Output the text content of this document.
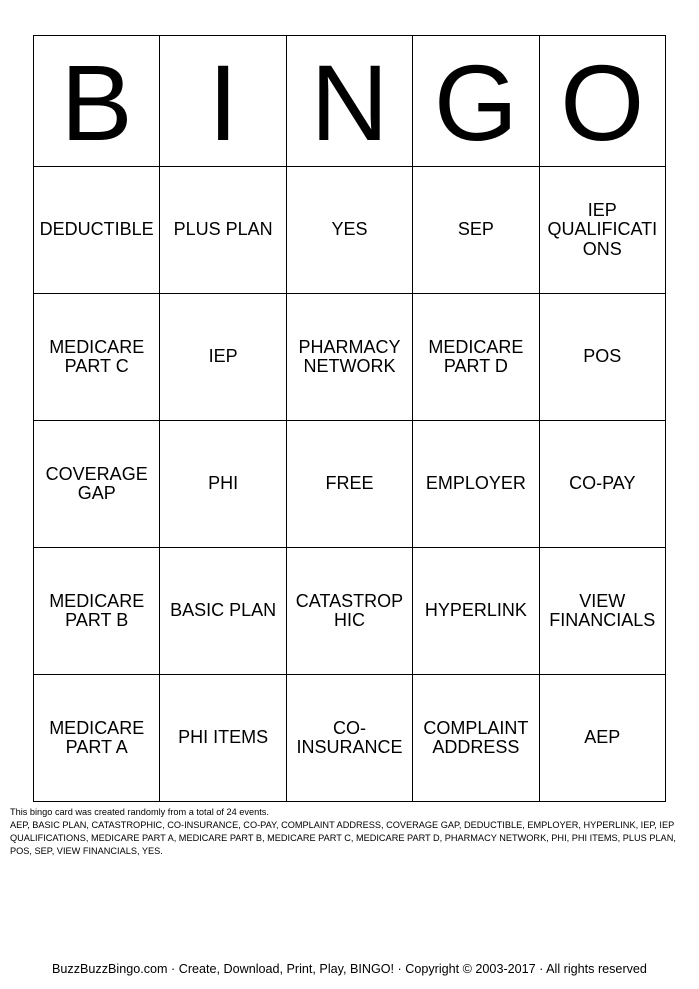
B	I	N	G	O
DEDUCTIBLE	PLUS PLAN	YES	SEP	IEP QUALIFICATIONS
MEDICARE PART C	IEP	PHARMACY NETWORK	MEDICARE PART D	POS
COVERAGE GAP	PHI	FREE	EMPLOYER	CO-PAY
MEDICARE PART B	BASIC PLAN	CATASTROPHIC	HYPERLINK	VIEW FINANCIALS
MEDICARE PART A	PHI ITEMS	CO-INSURANCE	COMPLAINT ADDRESS	AEP
This bingo card was created randomly from a total of 24 events.
AEP, BASIC PLAN, CATASTROPHIC, CO-INSURANCE, CO-PAY, COMPLAINT ADDRESS, COVERAGE GAP, DEDUCTIBLE, EMPLOYER, HYPERLINK, IEP, IEP QUALIFICATIONS, MEDICARE PART A, MEDICARE PART B, MEDICARE PART C, MEDICARE PART D, PHARMACY NETWORK, PHI, PHI ITEMS, PLUS PLAN, POS, SEP, VIEW FINANCIALS, YES.
BuzzBuzzBingo.com · Create, Download, Print, Play, BINGO! · Copyright © 2003-2017 · All rights reserved
